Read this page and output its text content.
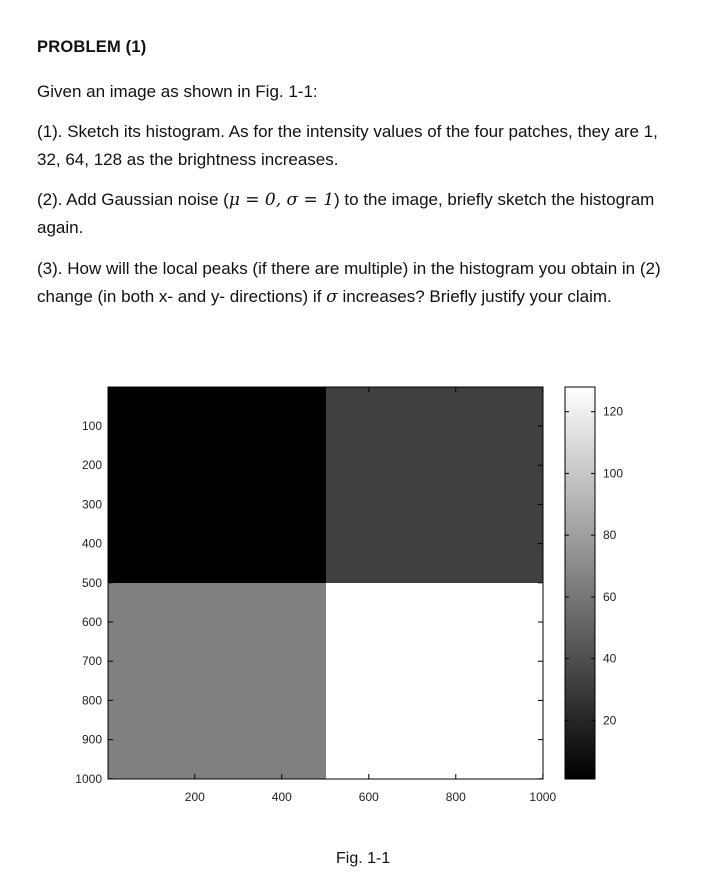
PROBLEM (1)
Given an image as shown in Fig. 1-1:
(1). Sketch its histogram. As for the intensity values of the four patches, they are 1, 32, 64, 128 as the brightness increases.
(2). Add Gaussian noise (μ = 0, σ = 1) to the image, briefly sketch the histogram again.
(3). How will the local peaks (if there are multiple) in the histogram you obtain in (2) change (in both x- and y- directions) if σ increases? Briefly justify your claim.
100
200
300
400
500
600
700
800
900
1000
200	400	600	800	1000
120
100
80
60
40
20
Fig. 1-1
